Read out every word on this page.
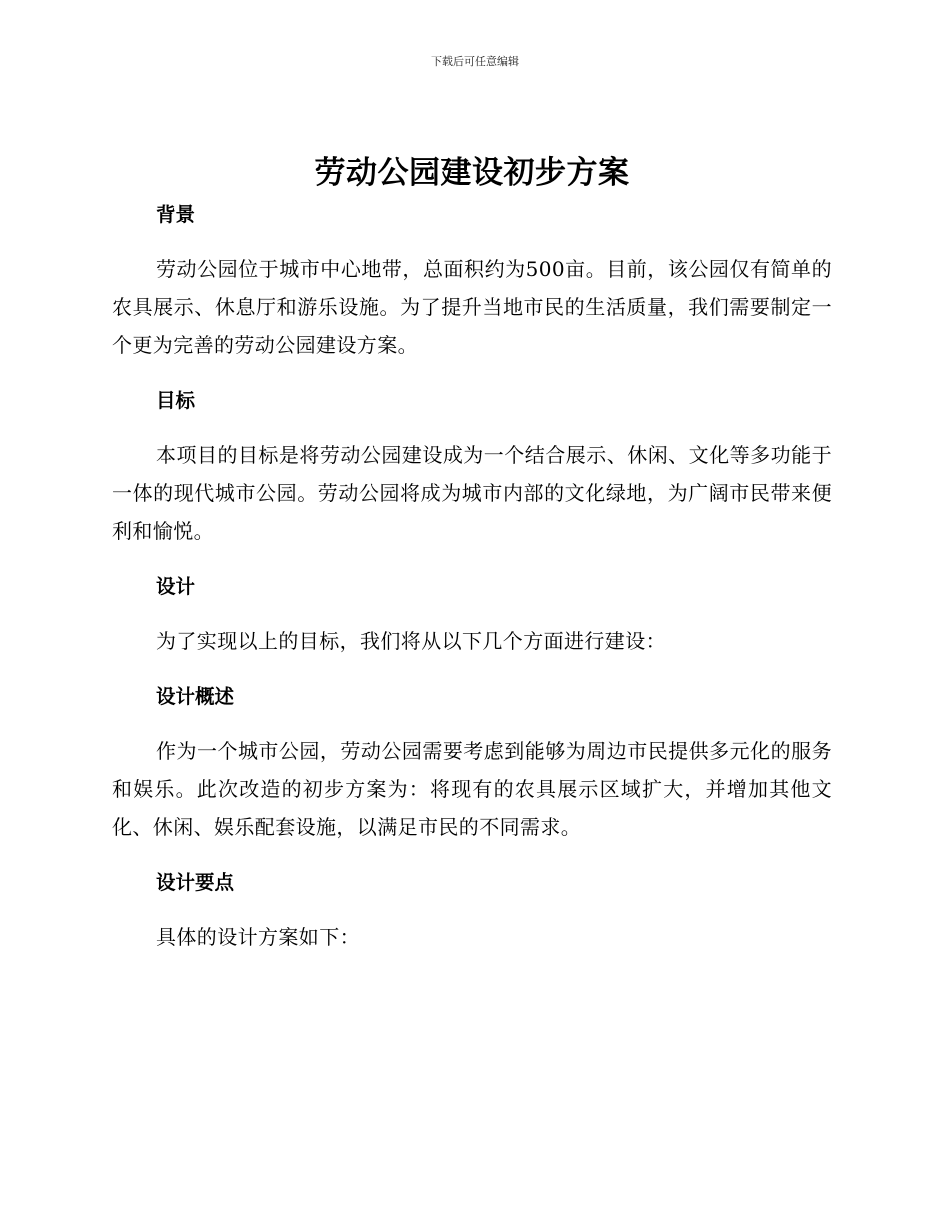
下载后可任意编辑
劳动公园建设初步方案
背景

劳动公园位于城市中心地带，总面积约为500亩。目前，该公园仅有简单的农具展示、休息厅和游乐设施。为了提升当地市民的生活质量，我们需要制定一个更为完善的劳动公园建设方案。

目标

本项目的目标是将劳动公园建设成为一个结合展示、休闲、文化等多功能于一体的现代城市公园。劳动公园将成为城市内部的文化绿地，为广阔市民带来便利和愉悦。

设计

为了实现以上的目标，我们将从以下几个方面进行建设：

设计概述

作为一个城市公园，劳动公园需要考虑到能够为周边市民提供多元化的服务和娱乐。此次改造的初步方案为：将现有的农具展示区域扩大，并增加其他文化、休闲、娱乐配套设施，以满足市民的不同需求。

设计要点

具体的设计方案如下：
